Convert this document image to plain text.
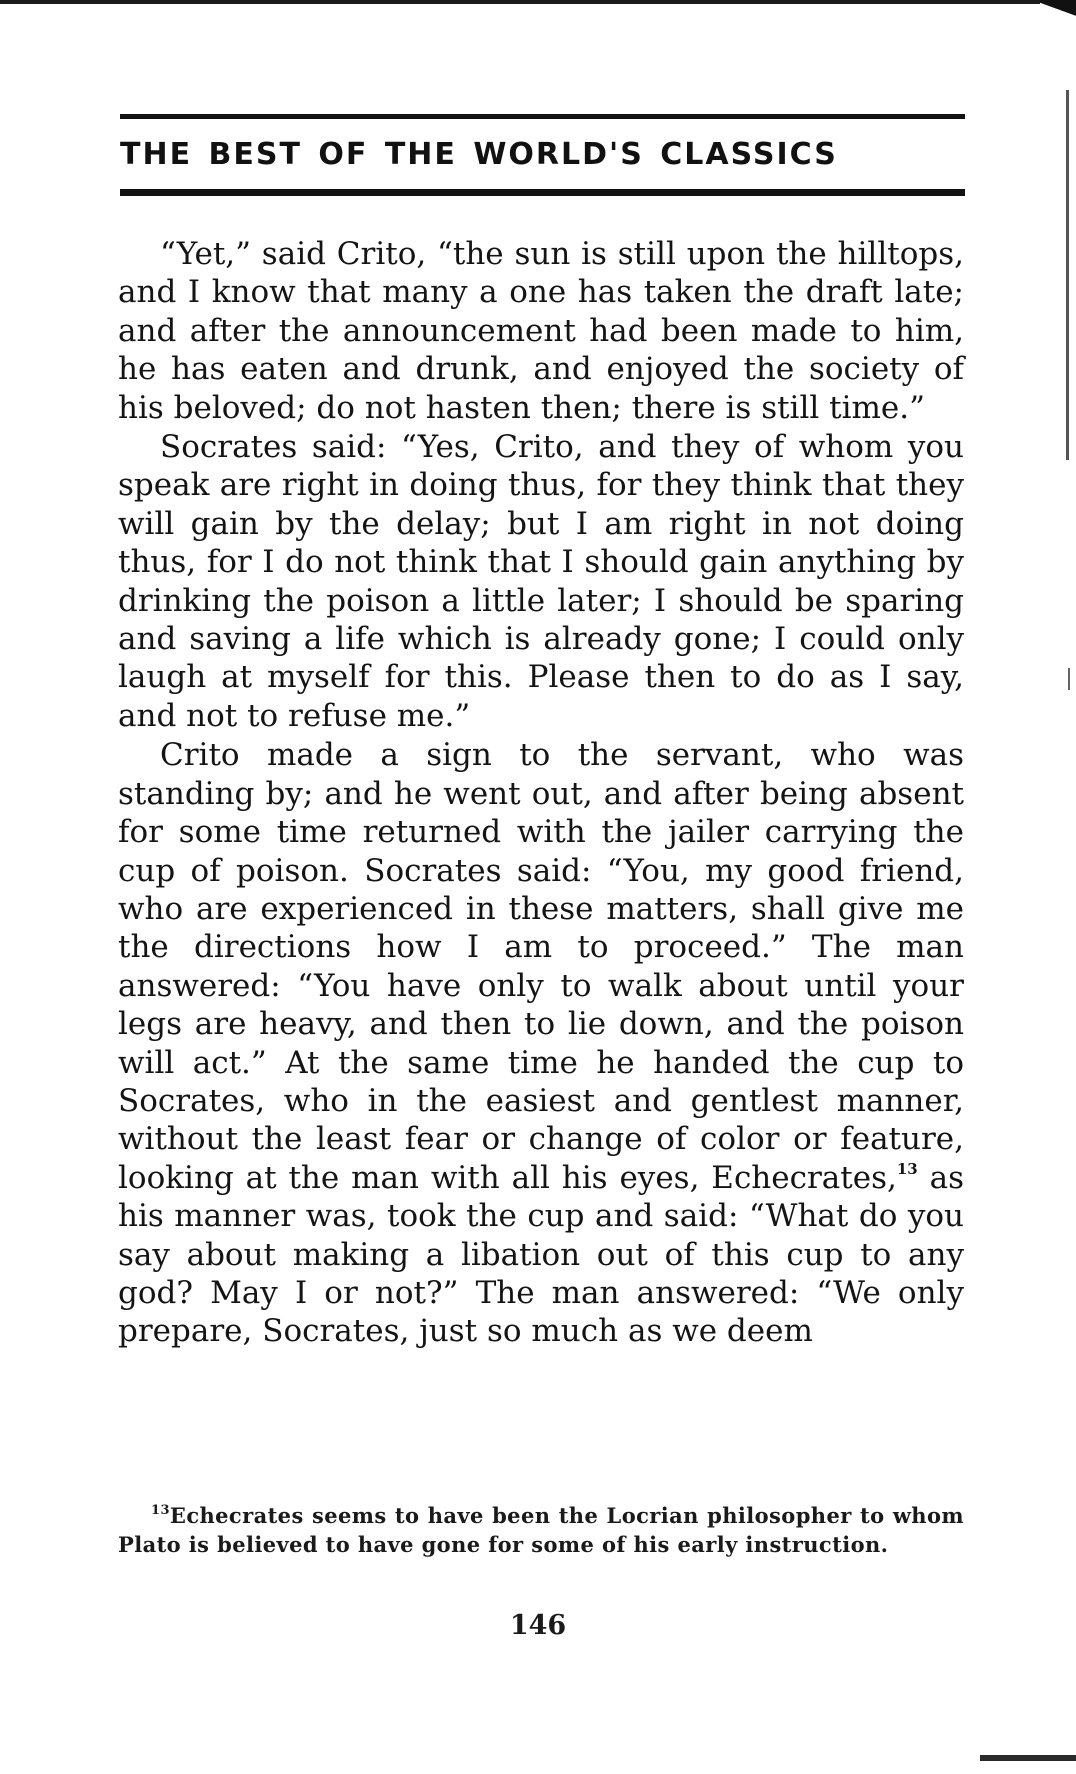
THE BEST OF THE WORLD'S CLASSICS

“Yet,” said Crito, “the sun is still upon the hilltops, and I know that many a one has taken the draft late; and after the announcement had been made to him, he has eaten and drunk, and enjoyed the society of his beloved; do not hasten then; there is still time.”

Socrates said: “Yes, Crito, and they of whom you speak are right in doing thus, for they think that they will gain by the delay; but I am right in not doing thus, for I do not think that I should gain anything by drinking the poison a little later; I should be sparing and saving a life which is already gone; I could only laugh at myself for this. Please then to do as I say, and not to refuse me.”

Crito made a sign to the servant, who was standing by; and he went out, and after being absent for some time returned with the jailer carrying the cup of poison. Socrates said: “You, my good friend, who are experienced in these matters, shall give me the directions how I am to proceed.” The man answered: “You have only to walk about until your legs are heavy, and then to lie down, and the poison will act.” At the same time he handed the cup to Socrates, who in the easiest and gentlest manner, without the least fear or change of color or feature, looking at the man with all his eyes, Echecrates,$^{13}$ as his manner was, took the cup and said: “What do you say about making a libation out of this cup to any god? May I or not?” The man answered: “We only prepare, Socrates, just so much as we deem

$^{13}$Echecrates seems to have been the Locrian philosopher to whom Plato is believed to have gone for some of his early instruction.
146
